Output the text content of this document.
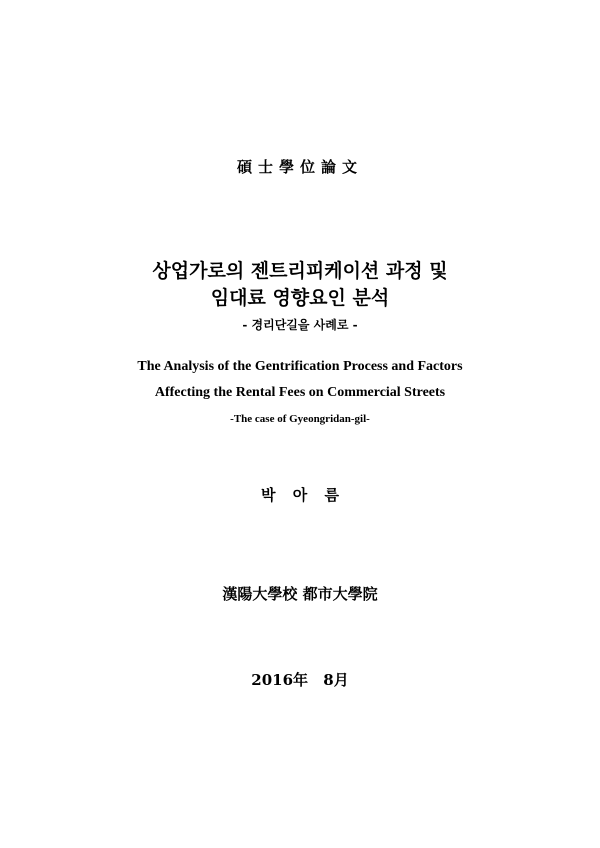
碩士學位論文
상업가로의 젠트리피케이션 과정 및
임대료 영향요인 분석
- 경리단길을 사례로 -
The Analysis of the Gentrification Process and Factors
Affecting the Rental Fees on Commercial Streets
-The case of Gyeongridan-gil-
박 아 름
漢陽大學校 都市大學院
2016年 8月
